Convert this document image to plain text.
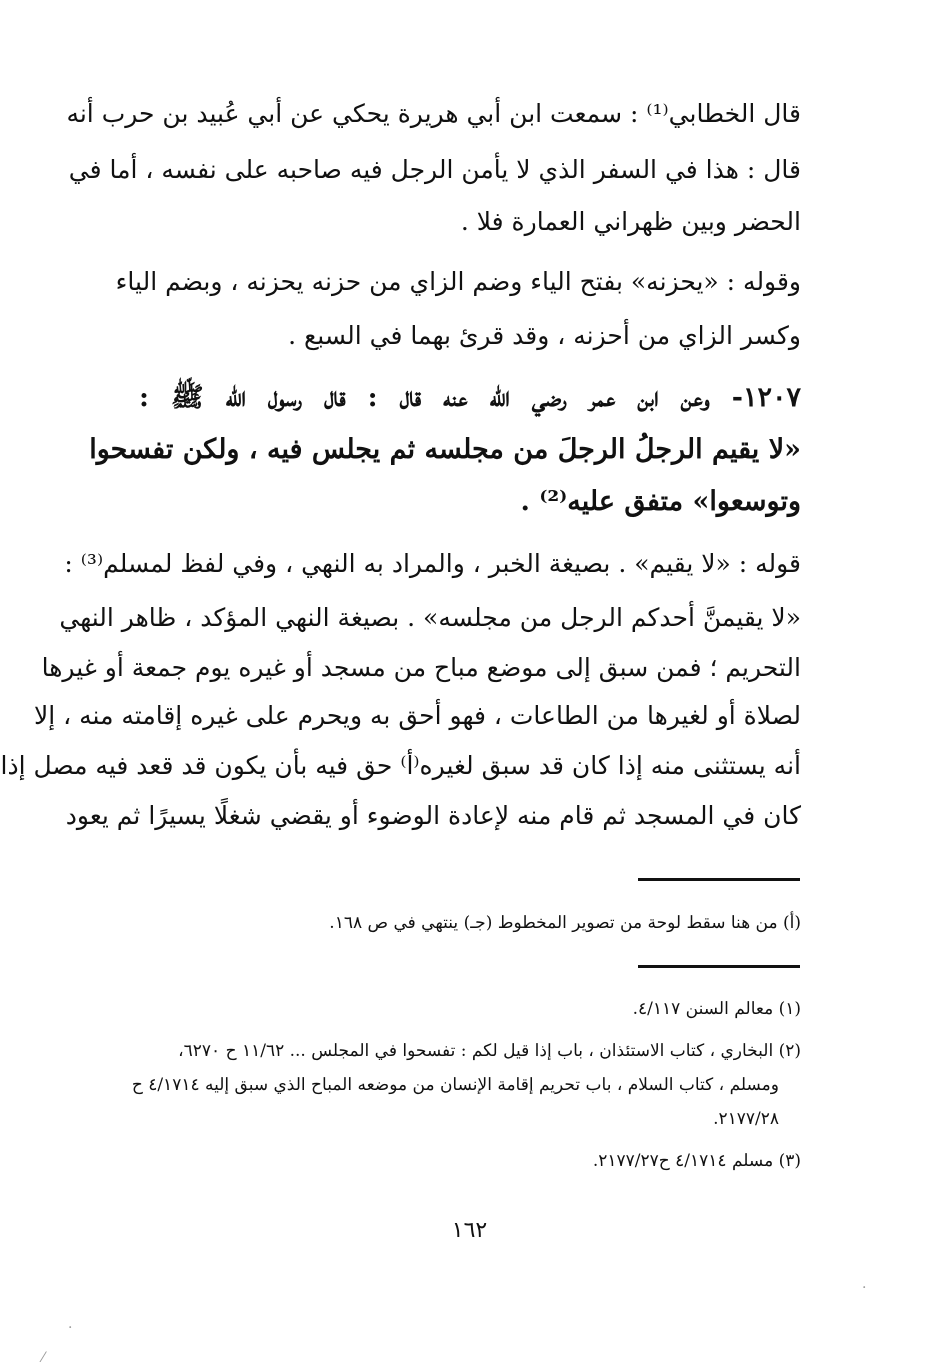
قال الخطابي⁽¹⁾ : سمعت ابن أبي هريرة يحكي عن أبي عُبيد بن حرب أنه
قال : هذا في السفر الذي لا يأمن الرجل فيه صاحبه على نفسه ، أما في
الحضر وبين ظهراني العمارة فلا .
وقوله : «يحزنه» بفتح الياء وضم الزاي من حزنه يحزنه ، وبضم الياء
وكسر الزاي من أحزنه ، وقد قرئ بهما في السبع .
١٢٠٧- وعن ابن عمر رضي الله عنه قال : قال رسول الله ﷺ :
«لا يقيم الرجلُ الرجلَ من مجلسه ثم يجلس فيه ، ولكن تفسحوا
وتوسعوا» متفق عليه⁽²⁾ .
قوله : «لا يقيم» . بصيغة الخبر ، والمراد به النهي ، وفي لفظ لمسلم⁽³⁾ :
«لا يقيمنَّ أحدكم الرجل من مجلسه» . بصيغة النهي المؤكد ، ظاهر النهي
التحريم ؛ فمن سبق إلى موضع مباح من مسجد أو غيره يوم جمعة أو غيرها
لصلاة أو لغيرها من الطاعات ، فهو أحق به ويحرم على غيره إقامته منه ، إلا
أنه يستثنى منه إذا كان قد سبق لغيره⁽أ⁾ حق فيه بأن يكون قد قعد فيه مصل إذا
كان في المسجد ثم قام منه لإعادة الوضوء أو يقضي شغلًا يسيرًا ثم يعود
(أ) من هنا سقط لوحة من تصوير المخطوط (جـ) ينتهي في ص ١٦٨.
(١) معالم السنن ٤/١١٧.
(٢) البخاري ، كتاب الاستئذان ، باب إذا قيل لكم : تفسحوا في المجلس ... ١١/٦٢ ح ٦٢٧٠،
ومسلم ، كتاب السلام ، باب تحريم إقامة الإنسان من موضعه المباح الذي سبق إليه ٤/١٧١٤ ح
٢١٧٧/٢٨.
(٣) مسلم ٤/١٧١٤ ح٢١٧٧/٢٧.
١٦٢
⁄
·
·
